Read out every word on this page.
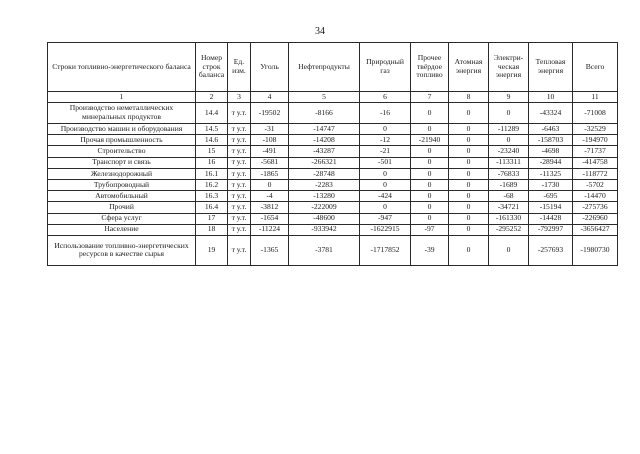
34
Строки топливно-энергетического баланса	Номер строк баланса	Ед. изм.	Уголь	Нефтепродукты	Природный газ	Прочее твёрдое топливо	Атомная энергия	Электри-ческая энергия	Тепловая энергия	Всего

1	2	3	4	5	6	7	8	9	10	11
Производство неметаллических минеральных продуктов	14.4	т у.т.	-19502	-8166	-16	0	0	0	-43324	-71008
Производство машин и оборудования	14.5	т у.т.	-31	-14747	0	0	0	-11289	-6463	-32529
Прочая промышленность	14.6	т у.т.	-108	-14208	-12	-21940	0	0	-158703	-194970
Строительство	15	т у.т.	-491	-43287	-21	0	0	-23240	-4698	-71737
Транспорт и связь	16	т у.т.	-5681	-266321	-501	0	0	-113311	-28944	-414758
Железнодорожный	16.1	т у.т.	-1865	-28748	0	0	0	-76833	-11325	-118772
Трубопроводный	16.2	т у.т.	0	-2283	0	0	0	-1689	-1730	-5702
Автомобильный	16.3	т у.т.	-4	-13280	-424	0	0	-68	-695	-14470
Прочий	16.4	т у.т.	-3812	-222009	0	0	0	-34721	-15194	-275736
Сфера услуг	17	т у.т.	-1654	-48600	-947	0	0	-161330	-14428	-226960
Население	18	т у.т.	-11224	-933942	-1622915	-97	0	-295252	-792997	-3656427
Использование топливно-энергетических ресурсов в качестве сырья	19	т у.т.	-1365	-3781	-1717852	-39	0	0	-257693	-1980730
